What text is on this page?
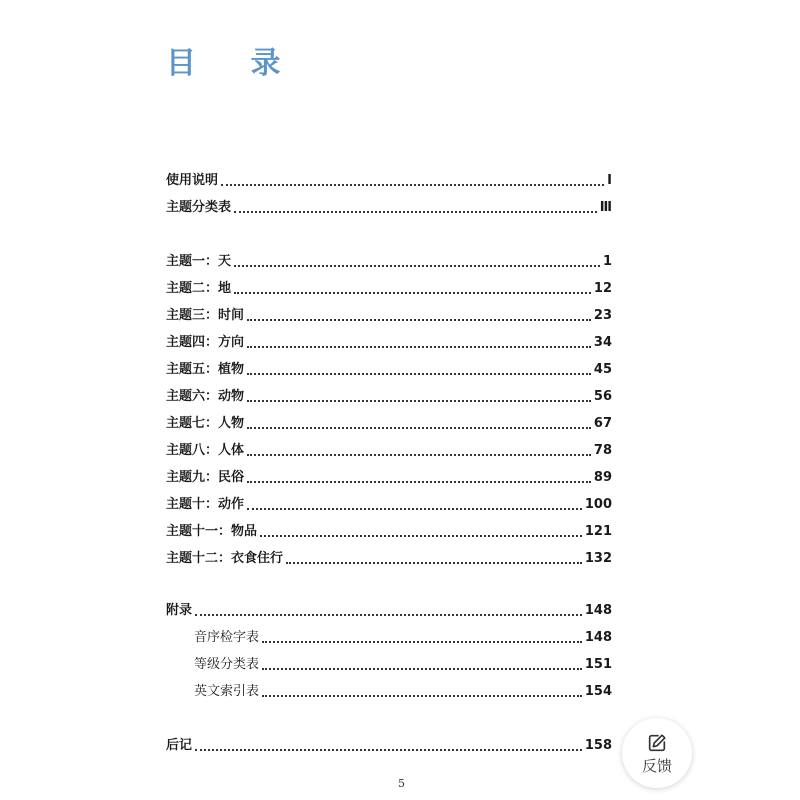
目 录
使用说明	Ⅰ
主题分类表	Ⅲ
主题一：天	1
主题二：地	12
主题三：时间	23
主题四：方向	34
主题五：植物	45
主题六：动物	56
主题七：人物	67
主题八：人体	78
主题九：民俗	89
主题十：动作	100
主题十一：物品	121
主题十二：衣食住行	132
附录	148
音序检字表	148
等级分类表	151
英文索引表	154
后记	158
5
反馈
